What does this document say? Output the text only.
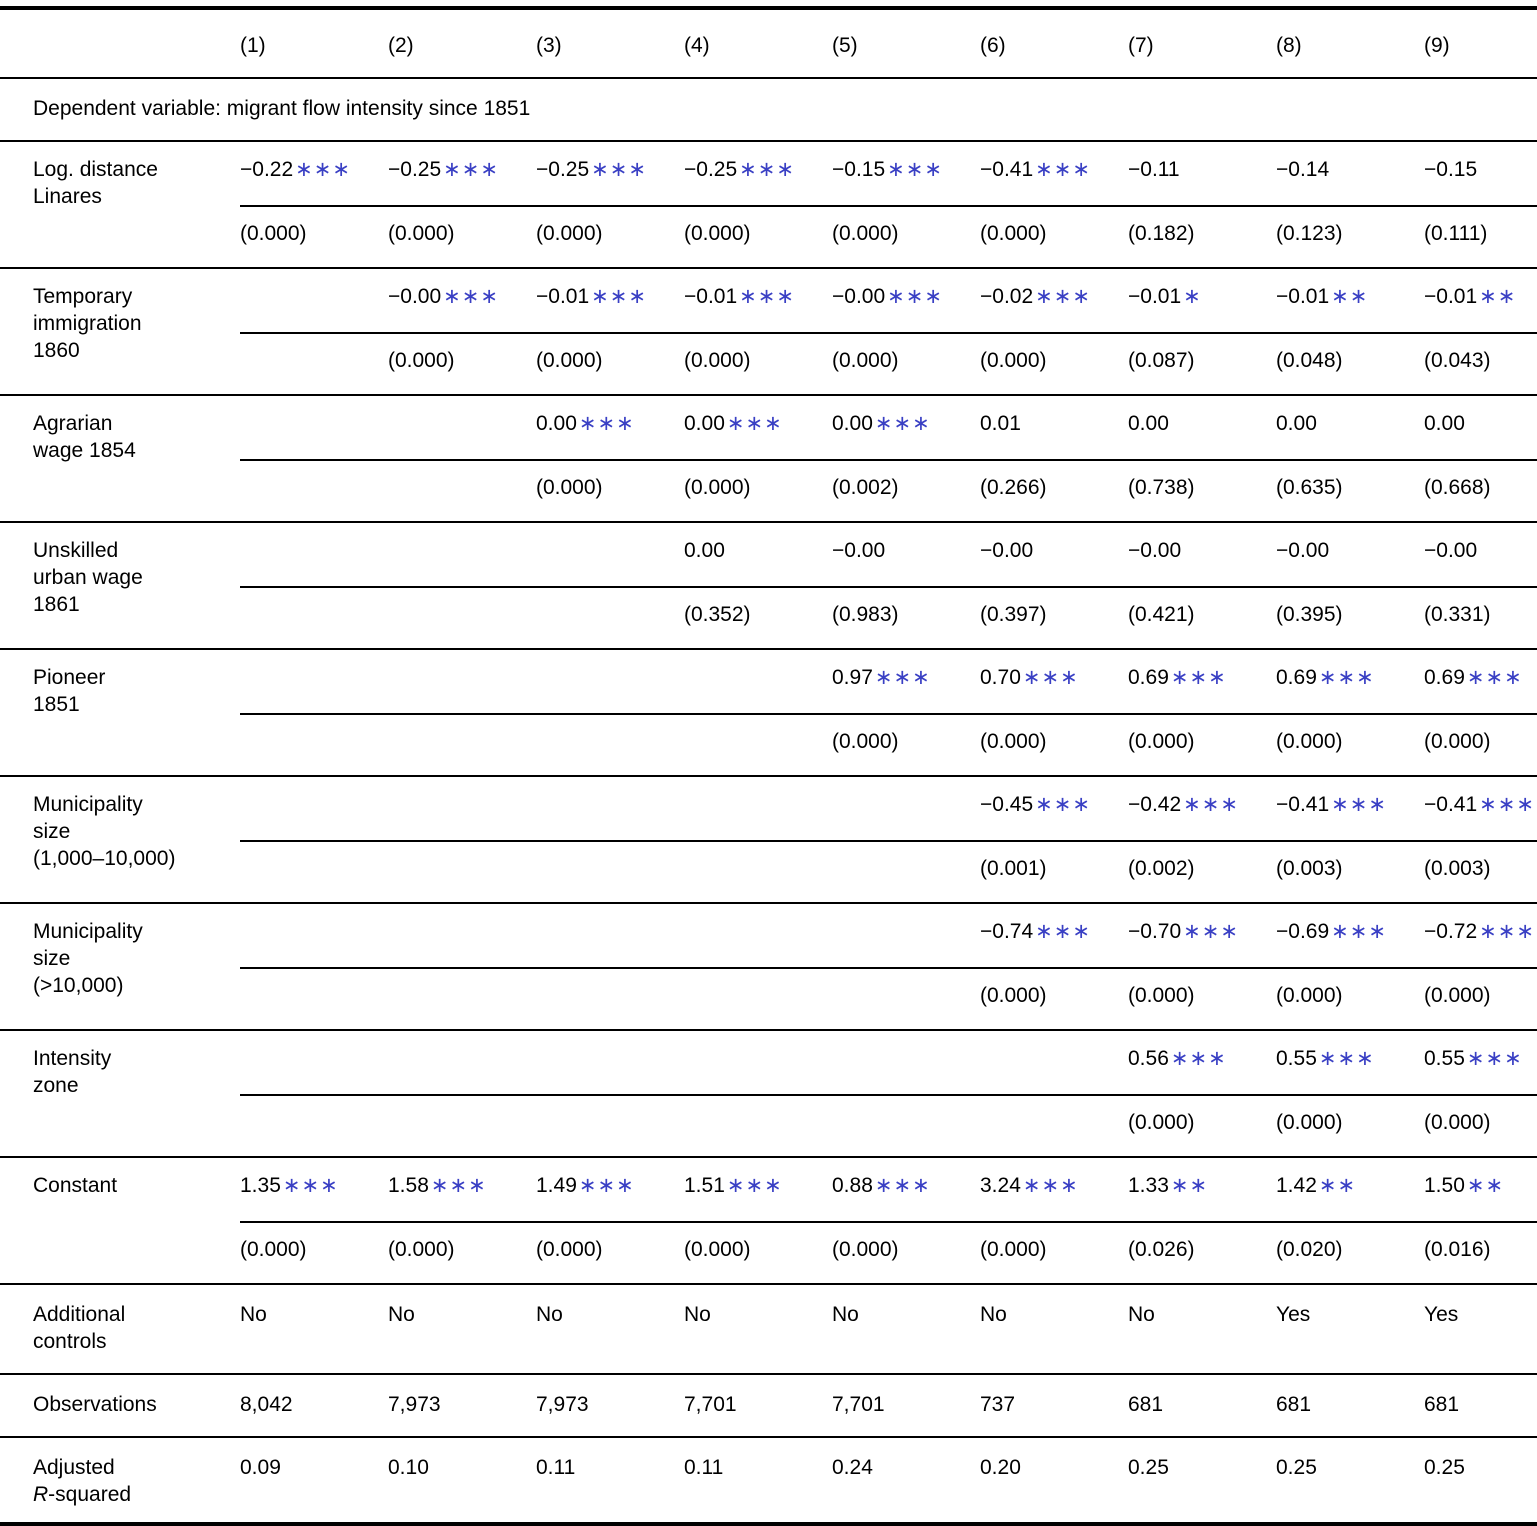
	(1)	(2)	(3)	(4)	(5)	(6)	(7)	(8)	(9)
Dependent variable: migrant flow intensity since 1851									

Log. distance
Linares	−0.22∗∗∗	−0.25∗∗∗	−0.25∗∗∗	−0.25∗∗∗	−0.15∗∗∗	−0.41∗∗∗	−0.11	−0.14	−0.15
	(0.000)	(0.000)	(0.000)	(0.000)	(0.000)	(0.000)	(0.182)	(0.123)	(0.111)

Temporary
immigration
1860		−0.00∗∗∗	−0.01∗∗∗	−0.01∗∗∗	−0.00∗∗∗	−0.02∗∗∗	−0.01∗	−0.01∗∗	−0.01∗∗
		(0.000)	(0.000)	(0.000)	(0.000)	(0.000)	(0.087)	(0.048)	(0.043)

Agrarian
wage 1854			0.00∗∗∗	0.00∗∗∗	0.00∗∗∗	0.01	0.00	0.00	0.00
			(0.000)	(0.000)	(0.002)	(0.266)	(0.738)	(0.635)	(0.668)

Unskilled
urban wage
1861				0.00	−0.00	−0.00	−0.00	−0.00	−0.00
				(0.352)	(0.983)	(0.397)	(0.421)	(0.395)	(0.331)

Pioneer
1851					0.97∗∗∗	0.70∗∗∗	0.69∗∗∗	0.69∗∗∗	0.69∗∗∗
					(0.000)	(0.000)	(0.000)	(0.000)	(0.000)

Municipality
size
(1,000–10,000)						−0.45∗∗∗	−0.42∗∗∗	−0.41∗∗∗	−0.41∗∗∗
						(0.001)	(0.002)	(0.003)	(0.003)

Municipality
size
(>10,000)						−0.74∗∗∗	−0.70∗∗∗	−0.69∗∗∗	−0.72∗∗∗
						(0.000)	(0.000)	(0.000)	(0.000)

Intensity
zone							0.56∗∗∗	0.55∗∗∗	0.55∗∗∗
							(0.000)	(0.000)	(0.000)

Constant	1.35∗∗∗	1.58∗∗∗	1.49∗∗∗	1.51∗∗∗	0.88∗∗∗	3.24∗∗∗	1.33∗∗	1.42∗∗	1.50∗∗
	(0.000)	(0.000)	(0.000)	(0.000)	(0.000)	(0.000)	(0.026)	(0.020)	(0.016)

Additional
controls	No	No	No	No	No	No	No	Yes	Yes

Observations	8,042	7,973	7,973	7,701	7,701	737	681	681	681

Adjusted
R-squared	0.09	0.10	0.11	0.11	0.24	0.20	0.25	0.25	0.25
